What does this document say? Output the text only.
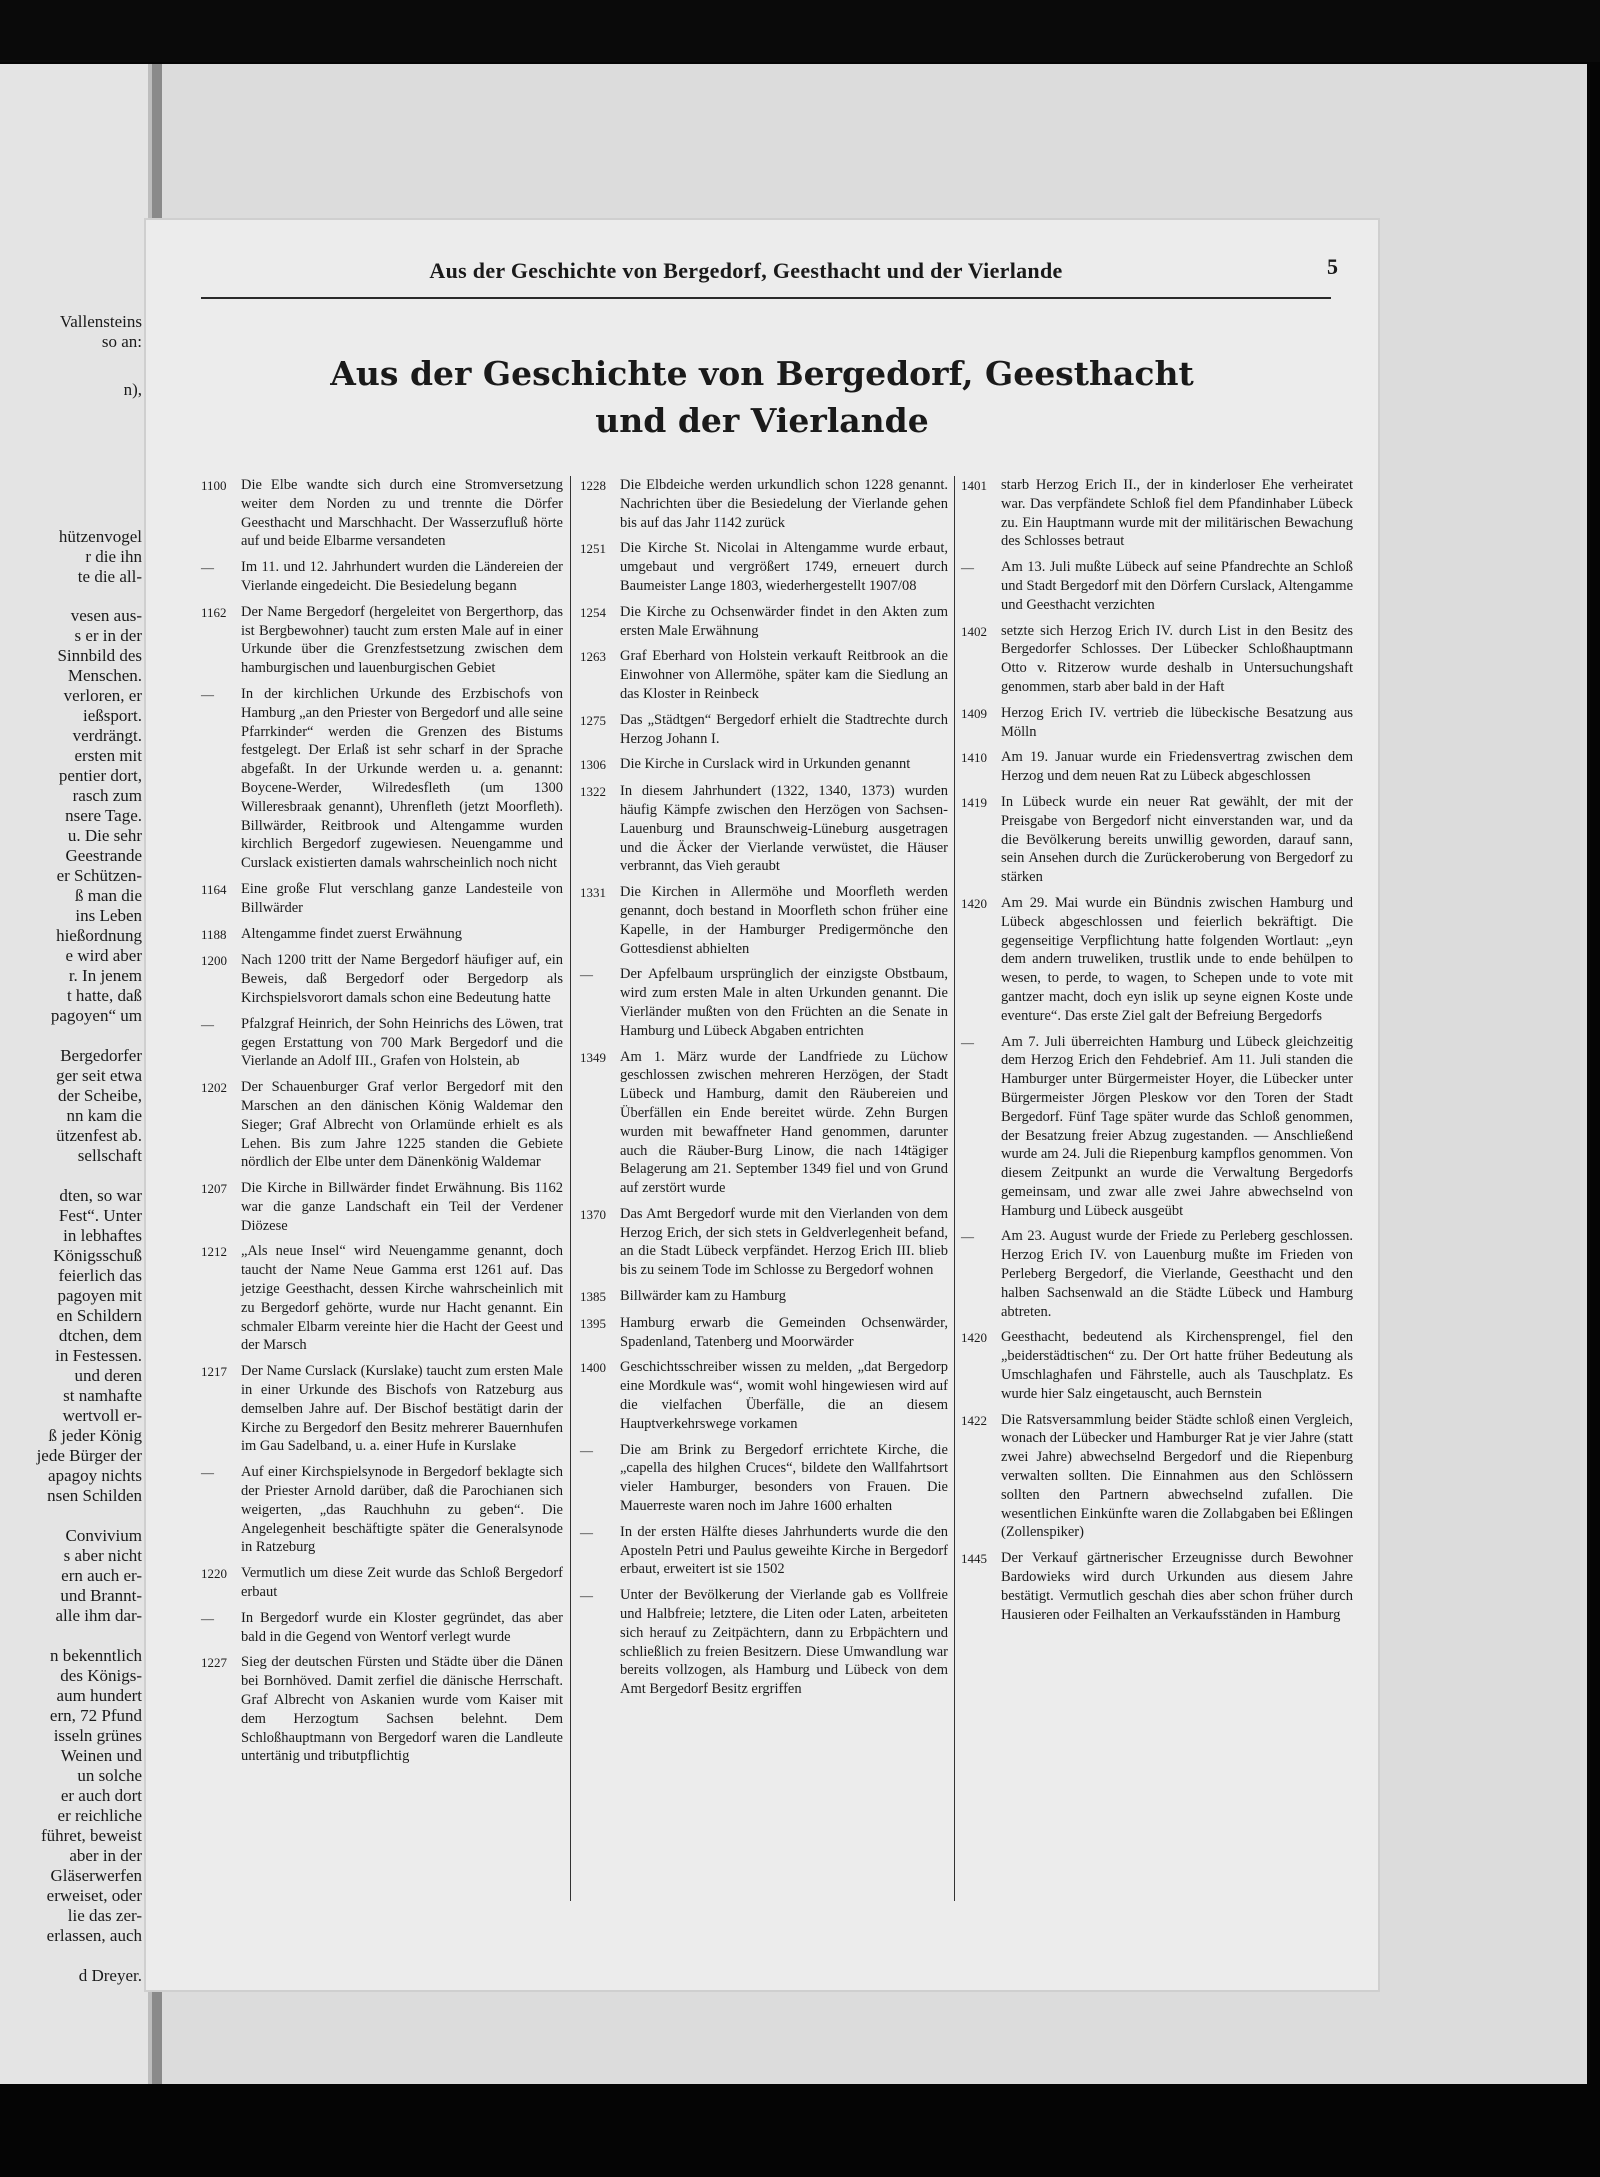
Vallensteins
so an:
n),
hützenvogel
r die ihn
te die all-
vesen aus-
s er in der
Sinnbild des
Menschen.
verloren, er
ießsport.
verdrängt.
ersten mit
pentier dort,
rasch zum
nsere Tage.
u. Die sehr
Geestrande
er Schützen-
ß man die
ins Leben
hießordnung
e wird aber
r. In jenem
t hatte, daß
pagoyen“ um
Bergedorfer
ger seit etwa
der Scheibe,
nn kam die
ützenfest ab.
sellschaft
dten, so war
Fest“. Unter
in lebhaftes
Königsschuß
feierlich das
pagoyen mit
en Schildern
dtchen, dem
in Festessen.
und deren
st namhafte
wertvoll er-
ß jeder König
jede Bürger der
apagoy nichts
nsen Schilden
Convivium
s aber nicht
ern auch er-
und Brannt-
alle ihm dar-
n bekenntlich
des Königs-
aum hundert
ern, 72 Pfund
isseln grünes
Weinen und
un solche
er auch dort
er reichliche
führet, beweist
aber in der
Gläserwerfen
erweiset, oder
lie das zer-
erlassen, auch
d Dreyer.
Aus der Geschichte von Bergedorf, Geesthacht und der Vierlande	5
Aus der Geschichte von Bergedorf, Geesthacht
und der Vierlande
1100 Die Elbe wandte sich durch eine Stromversetzung weiter dem Norden zu und trennte die Dörfer Geesthacht und Marschhacht. Der Wasserzufluß hörte auf und beide Elbarme versandeten
—	Im 11. und 12. Jahrhundert wurden die Ländereien der Vierlande eingedeicht. Die Besiedelung begann
1162 Der Name Bergedorf (hergeleitet von Bergerthorp, das ist Bergbewohner) taucht zum ersten Male auf in einer Urkunde über die Grenzfestsetzung zwischen dem hamburgischen und lauenburgischen Gebiet
—	In der kirchlichen Urkunde des Erzbischofs von Hamburg „an den Priester von Bergedorf und alle seine Pfarrkinder“ werden die Grenzen des Bistums festgelegt. Der Erlaß ist sehr scharf in der Sprache abgefaßt. In der Urkunde werden u. a. genannt: Boycene-Werder, Wilredesfleth (um 1300 Willeresbraak genannt), Uhrenfleth (jetzt Moorfleth). Billwärder, Reitbrook und Altengamme wurden kirchlich Bergedorf zugewiesen. Neuengamme und Curslack existierten damals wahrscheinlich noch nicht
1164 Eine große Flut verschlang ganze Landesteile von Billwärder
1188 Altengamme findet zuerst Erwähnung
1200 Nach 1200 tritt der Name Bergedorf häufiger auf, ein Beweis, daß Bergedorf oder Bergedorp als Kirchspielsvorort damals schon eine Bedeutung hatte
—	Pfalzgraf Heinrich, der Sohn Heinrichs des Löwen, trat gegen Erstattung von 700 Mark Bergedorf und die Vierlande an Adolf III., Grafen von Holstein, ab
1202 Der Schauenburger Graf verlor Bergedorf mit den Marschen an den dänischen König Waldemar den Sieger; Graf Albrecht von Orlamünde erhielt es als Lehen. Bis zum Jahre 1225 standen die Gebiete nördlich der Elbe unter dem Dänenkönig Waldemar
1207 Die Kirche in Billwärder findet Erwähnung. Bis 1162 war die ganze Landschaft ein Teil der Verdener Diözese
1212 „Als neue Insel“ wird Neuengamme genannt, doch taucht der Name Neue Gamma erst 1261 auf. Das jetzige Geesthacht, dessen Kirche wahrscheinlich mit zu Bergedorf gehörte, wurde nur Hacht genannt. Ein schmaler Elbarm vereinte hier die Hacht der Geest und der Marsch
1217 Der Name Curslack (Kurslake) taucht zum ersten Male in einer Urkunde des Bischofs von Ratzeburg aus demselben Jahre auf. Der Bischof bestätigt darin der Kirche zu Bergedorf den Besitz mehrerer Bauernhufen im Gau Sadelband, u. a. einer Hufe in Kurslake
—	Auf einer Kirchspielsynode in Bergedorf beklagte sich der Priester Arnold darüber, daß die Parochianen sich weigerten, „das Rauchhuhn zu geben“. Die Angelegenheit beschäftigte später die Generalsynode in Ratzeburg
1220 Vermutlich um diese Zeit wurde das Schloß Bergedorf erbaut
—	In Bergedorf wurde ein Kloster gegründet, das aber bald in die Gegend von Wentorf verlegt wurde
1227 Sieg der deutschen Fürsten und Städte über die Dänen bei Bornhöved. Damit zerfiel die dänische Herrschaft. Graf Albrecht von Askanien wurde vom Kaiser mit dem Herzogtum Sachsen belehnt. Dem Schloßhauptmann von Bergedorf waren die Landleute untertänig und tributpflichtig
1228 Die Elbdeiche werden urkundlich schon 1228 genannt. Nachrichten über die Besiedelung der Vierlande gehen bis auf das Jahr 1142 zurück
1251 Die Kirche St. Nicolai in Altengamme wurde erbaut, umgebaut und vergrößert 1749, erneuert durch Baumeister Lange 1803, wiederhergestellt 1907/08
1254 Die Kirche zu Ochsenwärder findet in den Akten zum ersten Male Erwähnung
1263 Graf Eberhard von Holstein verkauft Reitbrook an die Einwohner von Allermöhe, später kam die Siedlung an das Kloster in Reinbeck
1275 Das „Städtgen“ Bergedorf erhielt die Stadtrechte durch Herzog Johann I.
1306 Die Kirche in Curslack wird in Urkunden genannt
1322 In diesem Jahrhundert (1322, 1340, 1373) wurden häufig Kämpfe zwischen den Herzögen von Sachsen-Lauenburg und Braunschweig-Lüneburg ausgetragen und die Äcker der Vierlande verwüstet, die Häuser verbrannt, das Vieh geraubt
1331 Die Kirchen in Allermöhe und Moorfleth werden genannt, doch bestand in Moorfleth schon früher eine Kapelle, in der Hamburger Predigermönche den Gottesdienst abhielten
—	Der Apfelbaum ursprünglich der einzigste Obstbaum, wird zum ersten Male in alten Urkunden genannt. Die Vierländer mußten von den Früchten an die Senate in Hamburg und Lübeck Abgaben entrichten
1349 Am 1. März wurde der Landfriede zu Lüchow geschlossen zwischen mehreren Herzögen, der Stadt Lübeck und Hamburg, damit den Räubereien und Überfällen ein Ende bereitet würde. Zehn Burgen wurden mit bewaffneter Hand genommen, darunter auch die Räuber-Burg Linow, die nach 14tägiger Belagerung am 21. September 1349 fiel und von Grund auf zerstört wurde
1370 Das Amt Bergedorf wurde mit den Vierlanden von dem Herzog Erich, der sich stets in Geldverlegenheit befand, an die Stadt Lübeck verpfändet. Herzog Erich III. blieb bis zu seinem Tode im Schlosse zu Bergedorf wohnen
1385 Billwärder kam zu Hamburg
1395 Hamburg erwarb die Gemeinden Ochsenwärder, Spadenland, Tatenberg und Moorwärder
1400 Geschichtsschreiber wissen zu melden, „dat Bergedorp eine Mordkule was“, womit wohl hingewiesen wird auf die vielfachen Überfälle, die an diesem Hauptverkehrswege vorkamen
—	Die am Brink zu Bergedorf errichtete Kirche, die „capella des hilghen Cruces“, bildete den Wallfahrtsort vieler Hamburger, besonders von Frauen. Die Mauerreste waren noch im Jahre 1600 erhalten
—	In der ersten Hälfte dieses Jahrhunderts wurde die den Aposteln Petri und Paulus geweihte Kirche in Bergedorf erbaut, erweitert ist sie 1502
—	Unter der Bevölkerung der Vierlande gab es Vollfreie und Halbfreie; letztere, die Liten oder Laten, arbeiteten sich herauf zu Zeitpächtern, dann zu Erbpächtern und schließlich zu freien Besitzern. Diese Umwandlung war bereits vollzogen, als Hamburg und Lübeck von dem Amt Bergedorf Besitz ergriffen
1401 starb Herzog Erich II., der in kinderloser Ehe verheiratet war. Das verpfändete Schloß fiel dem Pfandinhaber Lübeck zu. Ein Hauptmann wurde mit der militärischen Bewachung des Schlosses betraut
—	Am 13. Juli mußte Lübeck auf seine Pfandrechte an Schloß und Stadt Bergedorf mit den Dörfern Curslack, Altengamme und Geesthacht verzichten
1402 setzte sich Herzog Erich IV. durch List in den Besitz des Bergedorfer Schlosses. Der Lübecker Schloßhauptmann Otto v. Ritzerow wurde deshalb in Untersuchungshaft genommen, starb aber bald in der Haft
1409 Herzog Erich IV. vertrieb die lübeckische Besatzung aus Mölln
1410 Am 19. Januar wurde ein Friedensvertrag zwischen dem Herzog und dem neuen Rat zu Lübeck abgeschlossen
1419 In Lübeck wurde ein neuer Rat gewählt, der mit der Preisgabe von Bergedorf nicht einverstanden war, und da die Bevölkerung bereits unwillig geworden, darauf sann, sein Ansehen durch die Zurückeroberung von Bergedorf zu stärken
1420 Am 29. Mai wurde ein Bündnis zwischen Hamburg und Lübeck abgeschlossen und feierlich bekräftigt. Die gegenseitige Verpflichtung hatte folgenden Wortlaut: „eyn dem andern truweliken, trustlik unde to ende behülpen to wesen, to perde, to wagen, to Schepen unde to vote mit gantzer macht, doch eyn islik up seyne eignen Koste unde eventure“. Das erste Ziel galt der Befreiung Bergedorfs
—	Am 7. Juli überreichten Hamburg und Lübeck gleichzeitig dem Herzog Erich den Fehdebrief. Am 11. Juli standen die Hamburger unter Bürgermeister Hoyer, die Lübecker unter Bürgermeister Jörgen Pleskow vor den Toren der Stadt Bergedorf. Fünf Tage später wurde das Schloß genommen, der Besatzung freier Abzug zugestanden. — Anschließend wurde am 24. Juli die Riepenburg kampflos genommen. Von diesem Zeitpunkt an wurde die Verwaltung Bergedorfs gemeinsam, und zwar alle zwei Jahre abwechselnd von Hamburg und Lübeck ausgeübt
—	Am 23. August wurde der Friede zu Perleberg geschlossen. Herzog Erich IV. von Lauenburg mußte im Frieden von Perleberg Bergedorf, die Vierlande, Geesthacht und den halben Sachsenwald an die Städte Lübeck und Hamburg abtreten.
1420 Geesthacht, bedeutend als Kirchensprengel, fiel den „beiderstädtischen“ zu. Der Ort hatte früher Bedeutung als Umschlaghafen und Fährstelle, auch als Tauschplatz. Es wurde hier Salz eingetauscht, auch Bernstein
1422 Die Ratsversammlung beider Städte schloß einen Vergleich, wonach der Lübecker und Hamburger Rat je vier Jahre (statt zwei Jahre) abwechselnd Bergedorf und die Riepenburg verwalten sollten. Die Einnahmen aus den Schlössern sollten den Partnern abwechselnd zufallen. Die wesentlichen Einkünfte waren die Zollabgaben bei Eßlingen (Zollenspiker)
1445 Der Verkauf gärtnerischer Erzeugnisse durch Bewohner Bardowieks wird durch Urkunden aus diesem Jahre bestätigt. Vermutlich geschah dies aber schon früher durch Hausieren oder Feilhalten an Verkaufsständen in Hamburg
